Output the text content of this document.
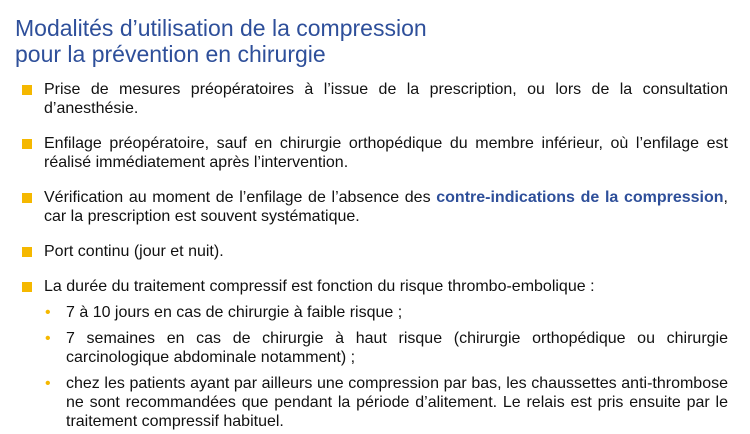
Modalités d’utilisation de la compression
pour la prévention en chirurgie
Prise de mesures préopératoires à l’issue de la prescription, ou lors de la consultation d’anesthésie.
Enfilage préopératoire, sauf en chirurgie orthopédique du membre inférieur, où l’enfilage est réalisé immédiatement après l’intervention.
Vérification au moment de l’enfilage de l’absence des contre-indications de la compression, car la prescription est souvent systématique.
Port continu (jour et nuit).
La durée du traitement compressif est fonction du risque thrombo-embolique :
• 7 à 10 jours en cas de chirurgie à faible risque ;
• 7 semaines en cas de chirurgie à haut risque (chirurgie orthopédique ou chirurgie carcinologique abdominale notamment) ;
• chez les patients ayant par ailleurs une compression par bas, les chaussettes anti-thrombose ne sont recommandées que pendant la période d’alitement. Le relais est pris ensuite par le traitement compressif habituel.
